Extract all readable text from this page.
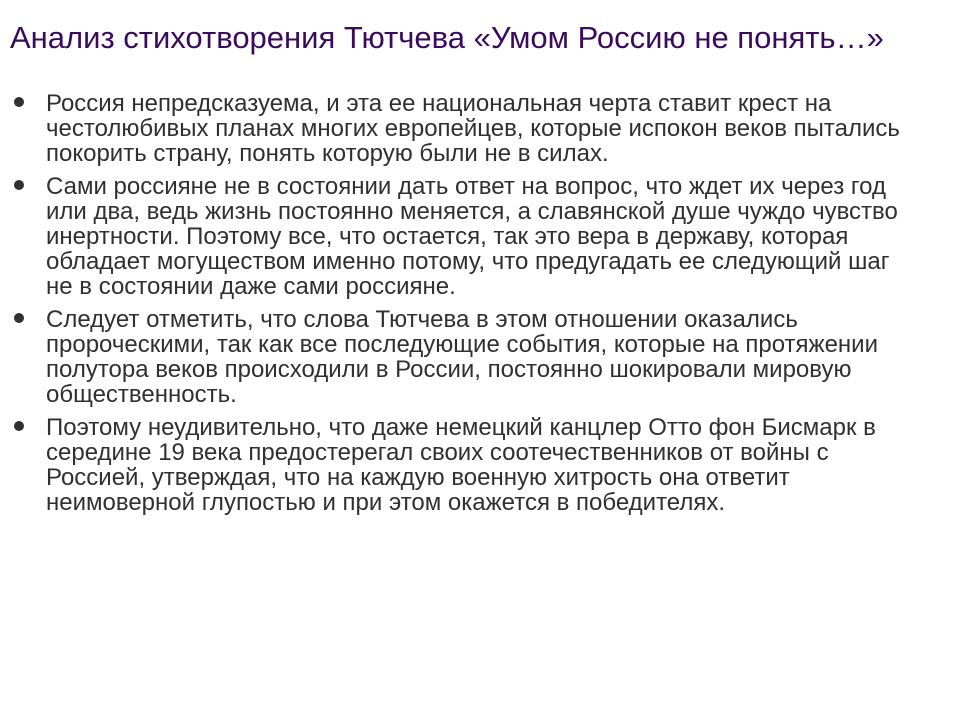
Анализ стихотворения Тютчева «Умом Россию не понять…»
Россия непредсказуема, и эта ее национальная черта ставит крест на честолюбивых планах многих европейцев, которые испокон веков пытались покорить страну, понять которую были не в силах.
Сами россияне не в состоянии дать ответ на вопрос, что ждет их через год или два, ведь жизнь постоянно меняется, а славянской душе чуждо чувство инертности. Поэтому все, что остается, так это вера в державу, которая обладает могуществом именно потому, что предугадать ее следующий шаг не в состоянии даже сами россияне.
Следует отметить, что слова Тютчева в этом отношении оказались пророческими, так как все последующие события, которые на протяжении полутора веков происходили в России, постоянно шокировали мировую общественность.
Поэтому неудивительно, что даже немецкий канцлер Отто фон Бисмарк в середине 19 века предостерегал своих соотечественников от войны с Россией, утверждая, что на каждую военную хитрость она ответит неимоверной глупостью и при этом окажется в победителях.
